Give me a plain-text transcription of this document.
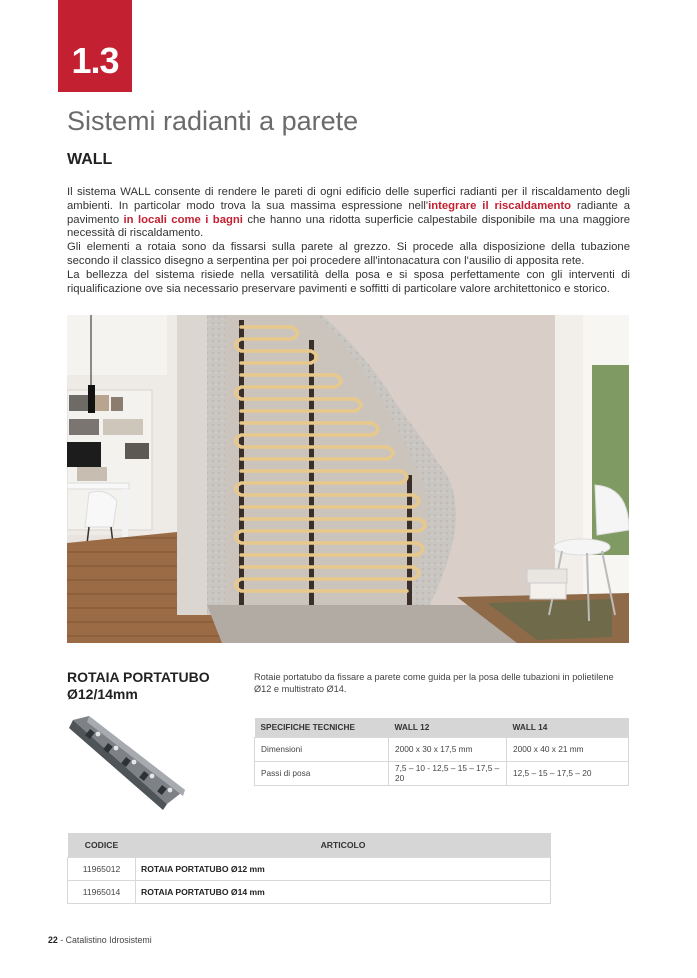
1.3
Sistemi radianti a parete
WALL

Il sistema WALL consente di rendere le pareti di ogni edificio delle superfici radianti per il riscaldamento degli ambienti. In particolar modo trova la sua massima espressione nell'integrare il riscaldamento radiante a pavimento in locali come i bagni che hanno una ridotta superficie calpestabile disponibile ma una maggiore necessità di riscaldamento.

Gli elementi a rotaia sono da fissarsi sulla parete al grezzo. Si procede alla disposizione della tubazione secondo il classico disegno a serpentina per poi procedere all'intonacatura con l'ausilio di apposita rete.

La bellezza del sistema risiede nella versatilità della posa e si sposa perfettamente con gli interventi di riqualificazione ove sia necessario preservare pavimenti e soffitti di particolare valore architettonico e storico.

ROTAIA PORTATUBO
Ø12/14mm
Rotaie portatubo da fissare a parete come guida per la posa delle tubazioni in polietilene Ø12 e multistrato Ø14.
SPECIFICHE TECNICHE	WALL 12	WALL 14
Dimensioni	2000 x 30 x 17,5 mm	2000 x 40 x 21 mm
Passi di posa	7,5 – 10 - 12,5 – 15 – 17,5 – 20	12,5 – 15 – 17,5 – 20
CODICE	ARTICOLO
11965012	ROTAIA PORTATUBO Ø12 mm
11965014	ROTAIA PORTATUBO Ø14 mm
22 - Catalistino Idrosistemi
